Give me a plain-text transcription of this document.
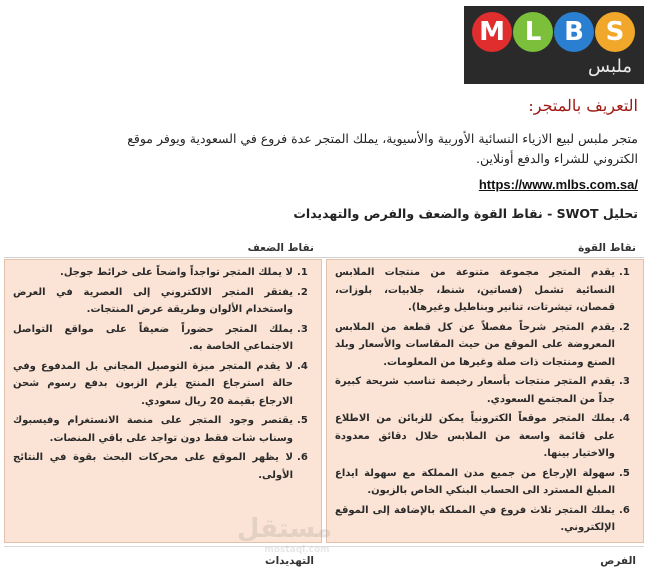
M L B S
ملبس
التعريف بالمتجر:
متجر ملبس لبيع الازياء النسائية الأوربية والأسيوية، يملك المتجر عدة فروع في السعودية ويوفر موقع الكتروني للشراء والدفع أونلاين.
https://www.mlbs.com.sa/
تحليل SWOT - نقاط القوة والضعف والفرص والتهديدات
نقاط القوة
نقاط الضعف
1.
يقدم المتجر مجموعة متنوعة من منتجات الملابس النسائية تشمل (فساتين، شنط، جلابيات، بلوزات، قمصان، تيشرتات، تنانير وبناطيل وغيرها).
2.
يقدم المتجر شرحاً مفصلاً عن كل قطعة من الملابس المعروضة على الموقع من حيث المقاسات والأسعار وبلد الصنع ومنتجات ذات صلة وغيرها من المعلومات.
3.
يقدم المتجر منتجات بأسعار رخيصة تناسب شريحة كبيرة جداً من المجتمع السعودي.
4.
يملك المتجر موقعاً الكترونياً يمكن للزبائن من الاطلاع على قائمة واسعة من الملابس خلال دقائق معدودة والاختيار بينها.
5.
سهولة الإرجاع من جميع مدن المملكة مع سهولة ايداع المبلغ المسترد الى الحساب البنكي الخاص بالزبون.
6.
يملك المتجر ثلاث فروع في المملكة بالإضافة إلى الموقع الإلكتروني.
1.
لا يملك المتجر تواجداً واضحاً على خرائط جوجل.
2.
يفتقر المتجر الالكتروني إلى العصرية في العرض واستخدام الألوان وطريقة عرض المنتجات.
3.
يملك المتجر حضوراً ضعيفاً على مواقع التواصل الاجتماعي الخاصة به.
4.
لا يقدم المتجر ميزة التوصيل المجاني بل المدفوع وفي حالة استرجاع المنتج يلزم الزبون بدفع رسوم شحن الارجاع بقيمة 20 ريال سعودي.
5.
يقتصر وجود المتجر على منصة الانستغرام وفيسبوك وسناب شات فقط دون تواجد على باقي المنصات.
6.
لا يظهر الموقع على محركات البحث بقوة في النتائج الأولى.
الفرص
التهديدات
مستقل
mostaql.com
